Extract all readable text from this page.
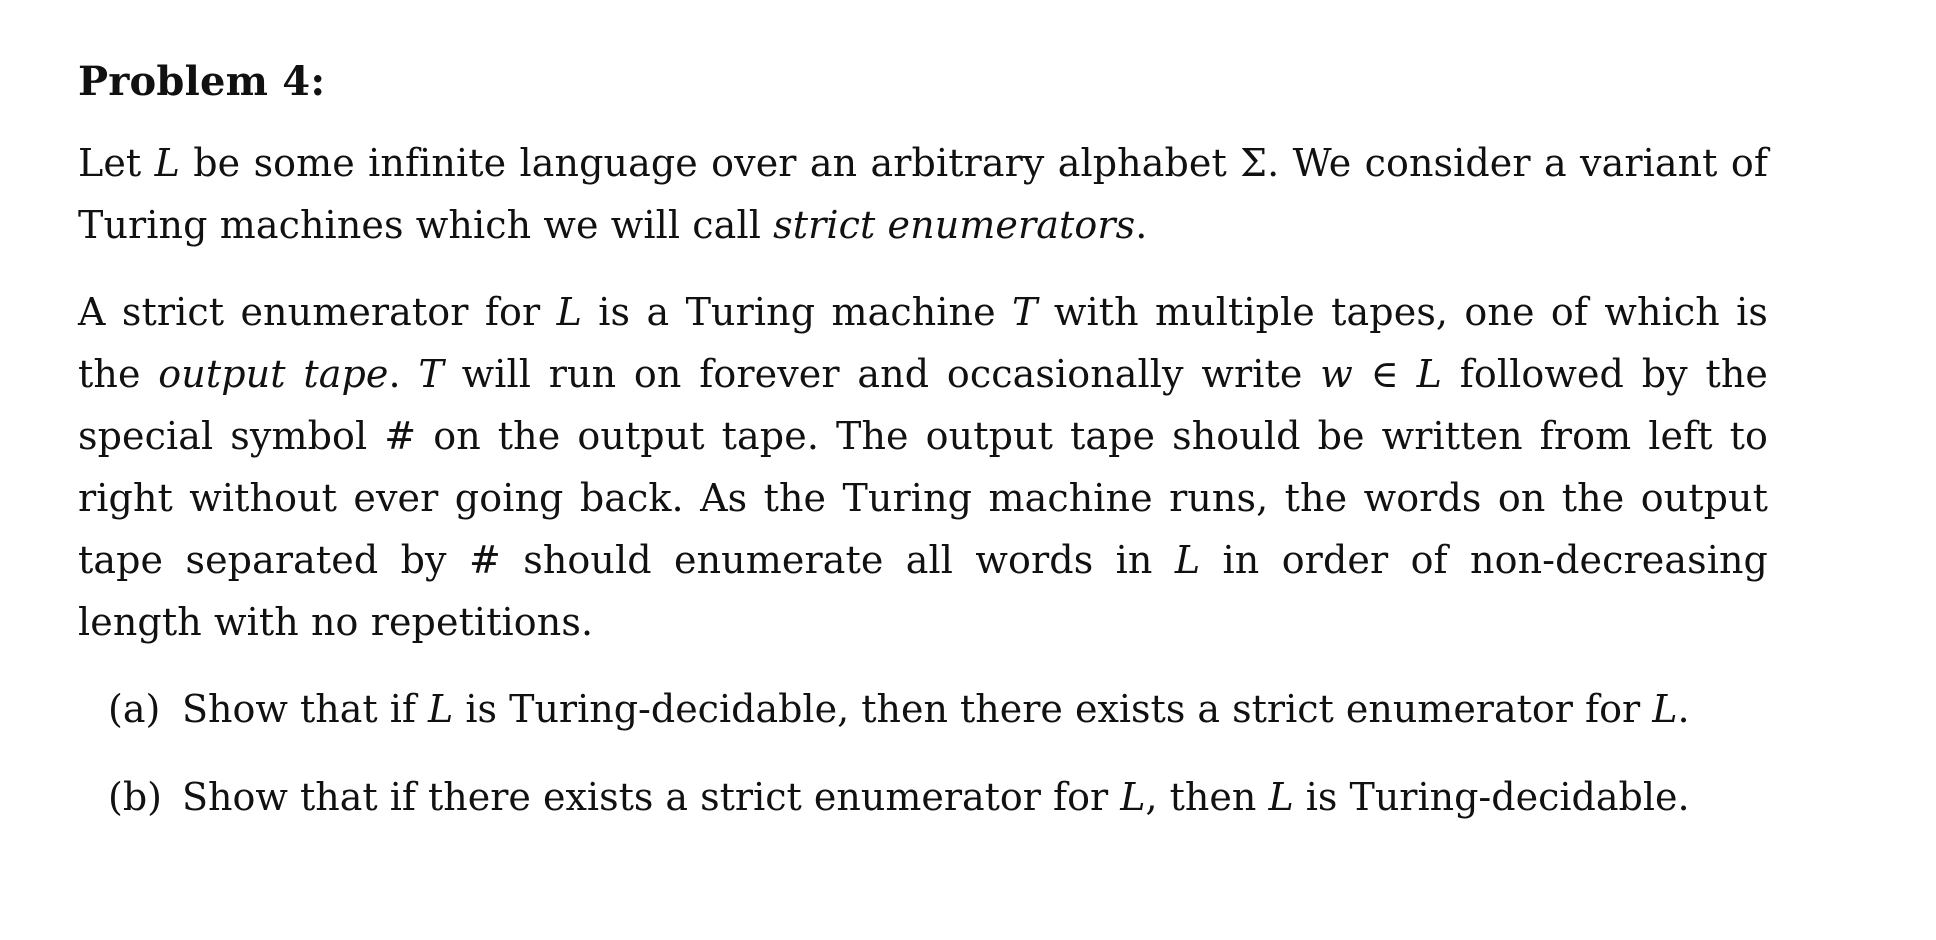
Problem 4:
Let L be some infinite language over an arbitrary alphabet Σ. We consider a variant of Turing machines which we will call strict enumerators.
A strict enumerator for L is a Turing machine T with multiple tapes, one of which is the output tape. T will run on forever and occasionally write w ∈ L followed by the special symbol # on the output tape. The output tape should be written from left to right without ever going back. As the Turing machine runs, the words on the output tape separated by # should enumerate all words in L in order of non-decreasing length with no repetitions.
(a) Show that if L is Turing-decidable, then there exists a strict enumerator for L.
(b) Show that if there exists a strict enumerator for L, then L is Turing-decidable.
